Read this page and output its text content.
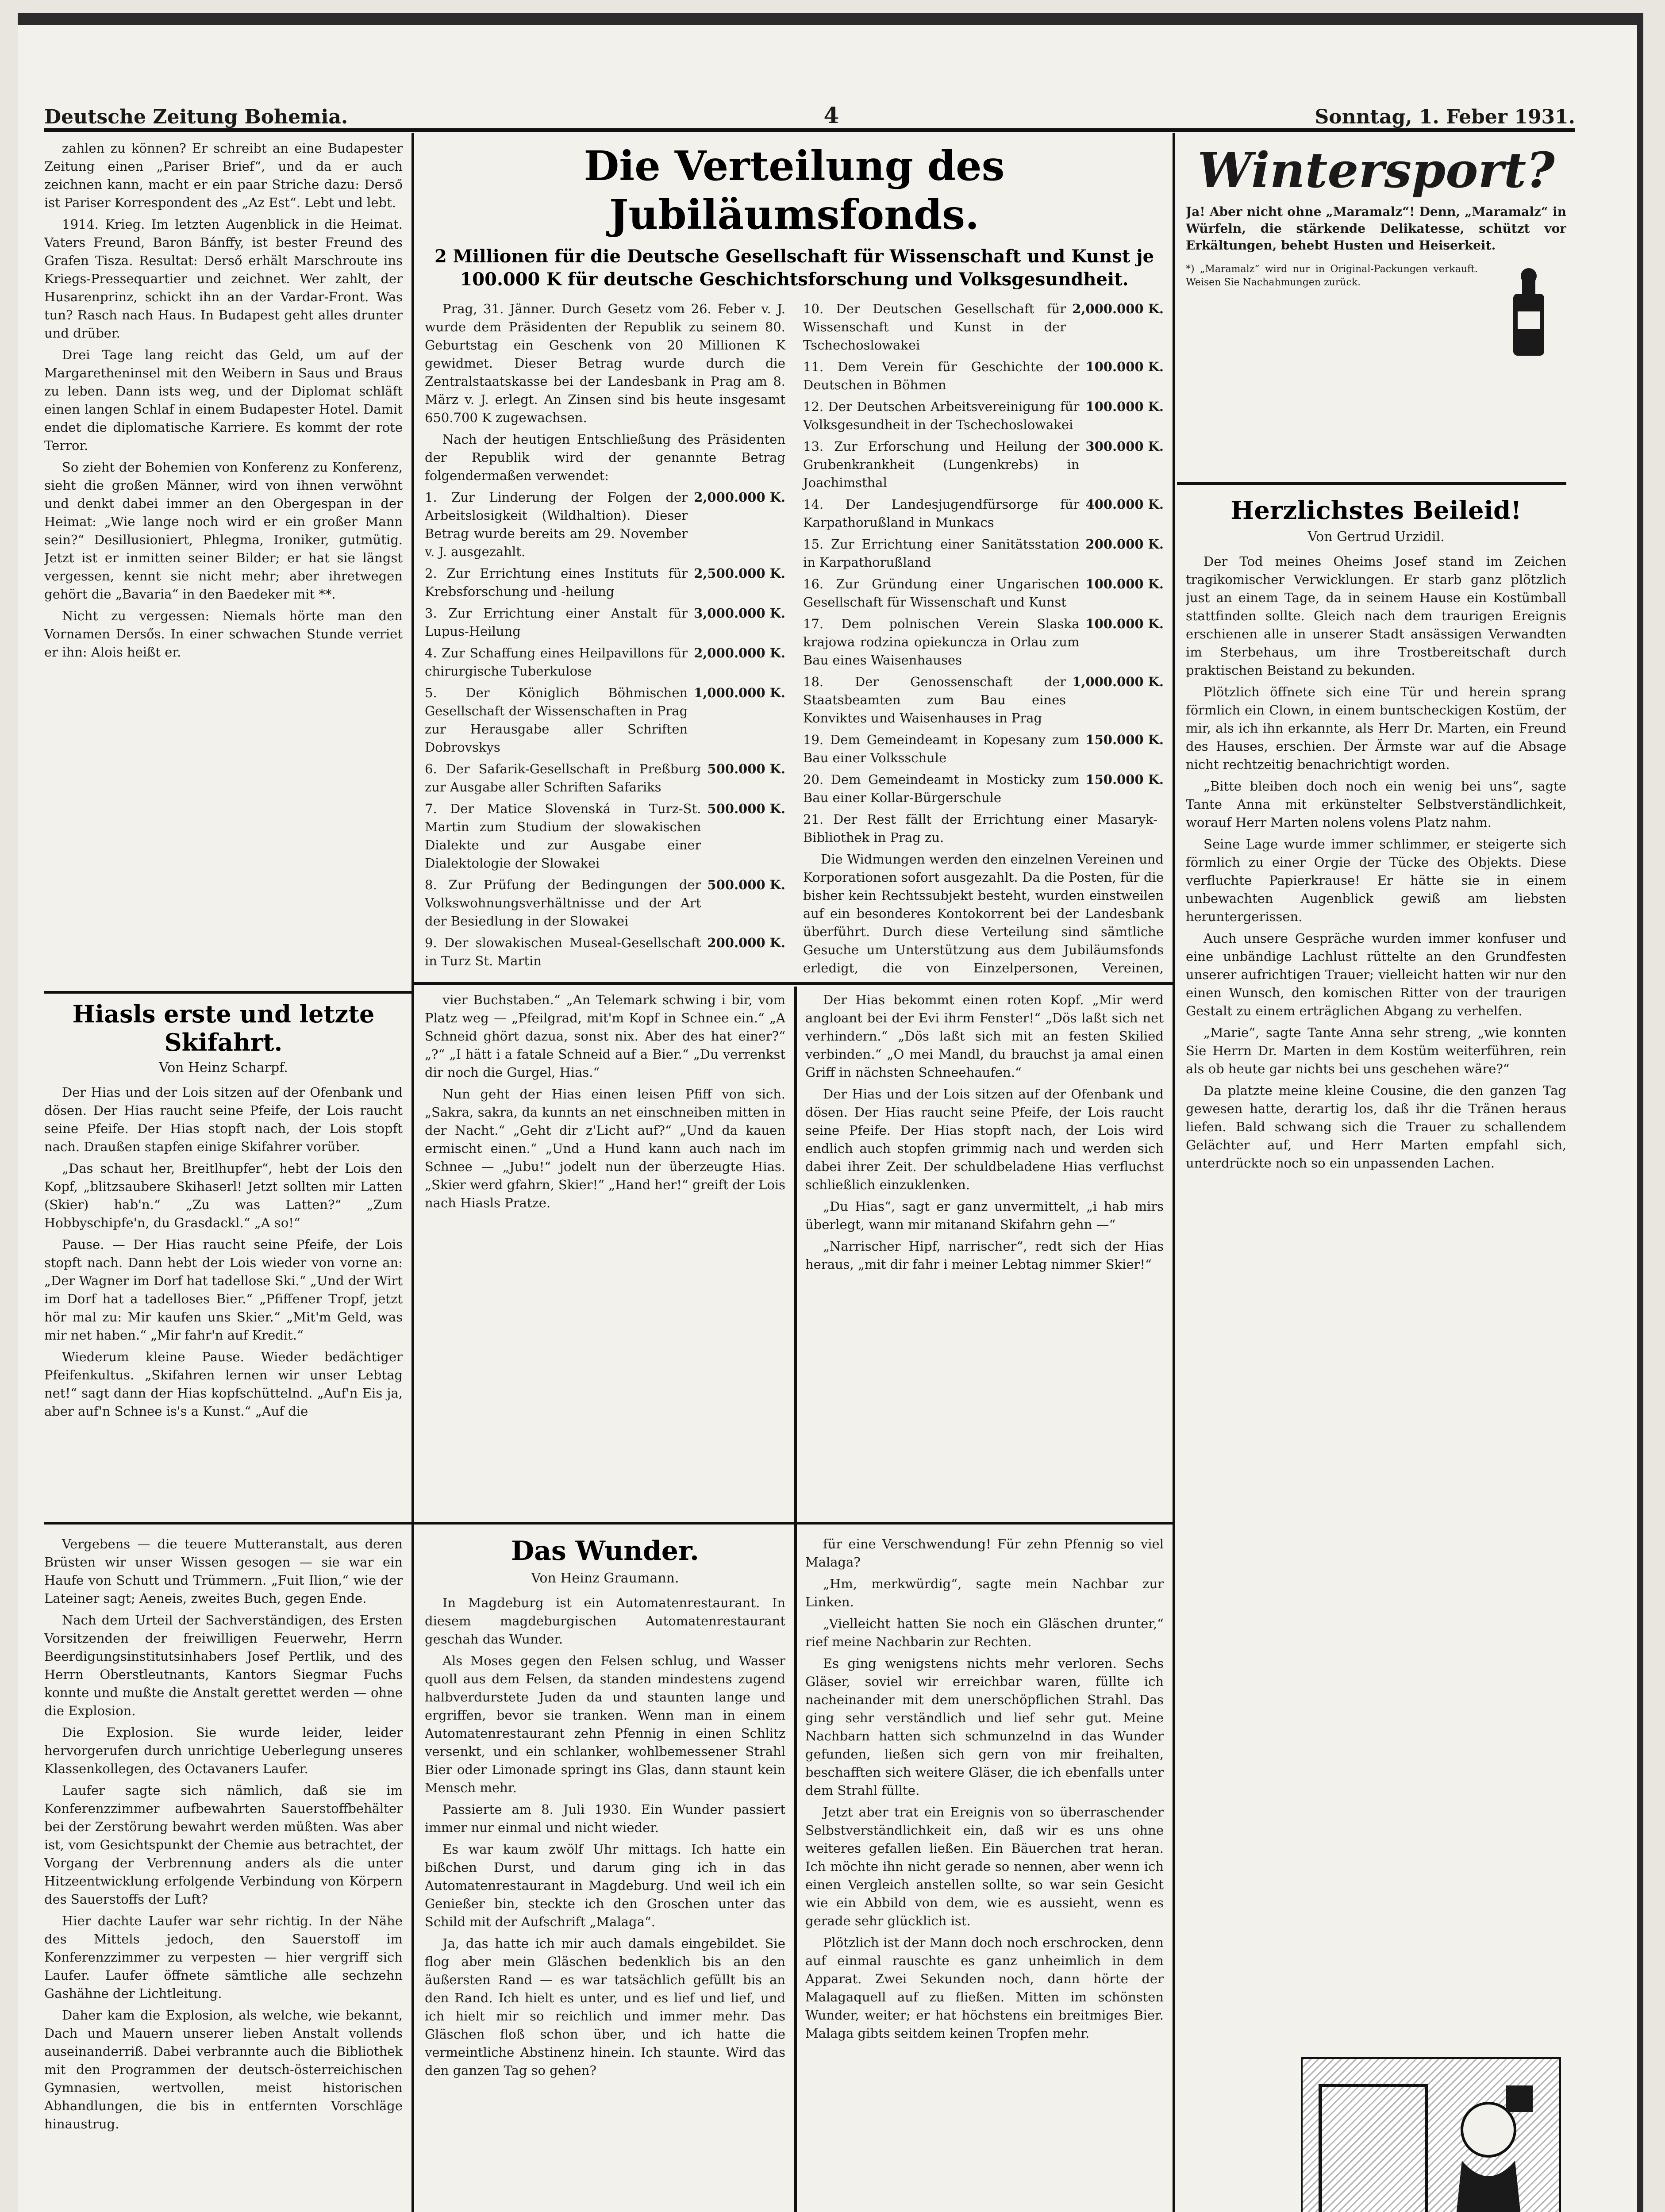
Deutsche Zeitung Bohemia.	4	Sonntag, 1. Feber 1931.

zahlen zu können? Er schreibt an eine Budapester Zeitung einen „Pariser Brief“, und da er auch zeichnen kann, macht er ein paar Striche dazu: Derső ist Pariser Korrespondent des „Az Est“. Lebt und lebt.

1914. Krieg. Im letzten Augenblick in die Heimat. Vaters Freund, Baron Bánffy, ist bester Freund des Grafen Tisza. Resultat: Derső erhält Marschroute ins Kriegs-Pressequartier und zeichnet. Wer zahlt, der Husarenprinz, schickt ihn an der Vardar-Front. Was tun? Rasch nach Haus. In Budapest geht alles drunter und drüber.

Drei Tage lang reicht das Geld, um auf der Margaretheninsel mit den Weibern in Saus und Braus zu leben. Dann ists weg, und der Diplomat schläft einen langen Schlaf in einem Budapester Hotel. Damit endet die diplomatische Karriere. Es kommt der rote Terror.

So zieht der Bohemien von Konferenz zu Konferenz, sieht die großen Männer, wird von ihnen verwöhnt und denkt dabei immer an den Obergespan in der Heimat: „Wie lange noch wird er ein großer Mann sein?“ Desillusioniert, Phlegma, Ironiker, gutmütig. Jetzt ist er inmitten seiner Bilder; er hat sie längst vergessen, kennt sie nicht mehr; aber ihretwegen gehört die „Bavaria“ in den Baedeker mit **.

Nicht zu vergessen: Niemals hörte man den Vornamen Dersős. In einer schwachen Stunde verriet er ihn: Alois heißt er.

Die Verteilung des Jubiläumsfonds.
2 Millionen für die Deutsche Gesellschaft für Wissenschaft und Kunst je 100.000 K für deutsche Geschichtsforschung und Volksgesundheit.

Prag, 31. Jänner. Durch Gesetz vom 26. Feber v. J. wurde dem Präsidenten der Republik zu seinem 80. Geburtstag ein Geschenk von 20 Millionen K gewidmet. Dieser Betrag wurde durch die Zentralstaatskasse bei der Landesbank in Prag am 8. März v. J. erlegt. An Zinsen sind bis heute insgesamt 650.700 K zugewachsen.

Nach der heutigen Entschließung des Präsidenten der Republik wird der genannte Betrag folgendermaßen verwendet:

1. Zur Linderung der Folgen der Arbeitslosigkeit (Wildhaltion). Dieser Betrag wurde bereits am 29. November v. J. ausgezahlt.
2,000.000 K.
2. Zur Errichtung eines Instituts für Krebsforschung und -heilung
2,500.000 K.
3. Zur Errichtung einer Anstalt für Lupus-Heilung
3,000.000 K.
4. Zur Schaffung eines Heilpavillons für chirurgische Tuberkulose
2,000.000 K.
5. Der Königlich Böhmischen Gesellschaft der Wissenschaften in Prag zur Herausgabe aller Schriften Dobrovskys
1,000.000 K.
6. Der Safarik-Gesellschaft in Preßburg zur Ausgabe aller Schriften Safariks
500.000 K.
7. Der Matice Slovenská in Turz-St. Martin zum Studium der slowakischen Dialekte und zur Ausgabe einer Dialektologie der Slowakei
500.000 K.
8. Zur Prüfung der Bedingungen der Volkswohnungsverhältnisse und der Art der Besiedlung in der Slowakei
500.000 K.
9. Der slowakischen Museal-Gesellschaft in Turz St. Martin
200.000 K.
10. Der Deutschen Gesellschaft für Wissenschaft und Kunst in der Tschechoslowakei
2,000.000 K.
11. Dem Verein für Geschichte der Deutschen in Böhmen
100.000 K.
12. Der Deutschen Arbeitsvereinigung für Volksgesundheit in der Tschechoslowakei
100.000 K.
13. Zur Erforschung und Heilung der Grubenkrankheit (Lungenkrebs) in Joachimsthal
300.000 K.
14. Der Landesjugendfürsorge für Karpathorußland in Munkacs
400.000 K.
15. Zur Errichtung einer Sanitätsstation in Karpathorußland
200.000 K.
16. Zur Gründung einer Ungarischen Gesellschaft für Wissenschaft und Kunst
100.000 K.
17. Dem polnischen Verein Slaska krajowa rodzina opiekuncza in Orlau zum Bau eines Waisenhauses
100.000 K.
18. Der Genossenschaft der Staatsbeamten zum Bau eines Konviktes und Waisenhauses in Prag
1,000.000 K.
19. Dem Gemeindeamt in Kopesany zum Bau einer Volksschule
150.000 K.
20. Dem Gemeindeamt in Mosticky zum Bau einer Kollar-Bürgerschule
150.000 K.
21. Der Rest fällt der Errichtung einer Masaryk-Bibliothek in Prag zu.

Die Widmungen werden den einzelnen Vereinen und Korporationen sofort ausgezahlt. Da die Posten, für die bisher kein Rechtssubjekt besteht, wurden einstweilen auf ein besonderes Kontokorrent bei der Landesbank überführt. Durch diese Verteilung sind sämtliche Gesuche um Unterstützung aus dem Jubiläumsfonds erledigt, die von Einzelpersonen, Vereinen,

Hiasls erste und letzte Skifahrt.
Von Heinz Scharpf.

Der Hias und der Lois sitzen auf der Ofenbank und dösen. Der Hias raucht seine Pfeife, der Lois raucht seine Pfeife. Der Hias stopft nach, der Lois stopft nach. Draußen stapfen einige Skifahrer vorüber.

„Das schaut her, Breitlhupfer“, hebt der Lois den Kopf, „blitzsaubere Skihaserl! Jetzt sollten mir Latten (Skier) hab'n.“ „Zu was Latten?“ „Zum Hobbyschipfe'n, du Grasdackl.“ „A so!“

Pause. — Der Hias raucht seine Pfeife, der Lois stopft nach. Dann hebt der Lois wieder von vorne an: „Der Wagner im Dorf hat tadellose Ski.“ „Und der Wirt im Dorf hat a tadelloses Bier.“ „Pfiffener Tropf, jetzt hör mal zu: Mir kaufen uns Skier.“ „Mit'm Geld, was mir net haben.“ „Mir fahr'n auf Kredit.“

Wiederum kleine Pause. Wieder bedächtiger Pfeifenkultus. „Skifahren lernen wir unser Lebtag net!“ sagt dann der Hias kopfschüttelnd. „Auf'n Eis ja, aber auf'n Schnee is's a Kunst.“ „Auf die

vier Buchstaben.“ „An Telemark schwing i bir, vom Platz weg — „Pfeilgrad, mit'm Kopf in Schnee ein.“ „A Schneid ghört dazua, sonst nix. Aber des hat einer?“ „?“ „I hätt i a fatale Schneid auf a Bier.“ „Du verrenkst dir noch die Gurgel, Hias.“

Nun geht der Hias einen leisen Pfiff von sich. „Sakra, sakra, da kunnts an net einschneiben mitten in der Nacht.“ „Geht dir z'Licht auf?“ „Und da kauen ermischt einen.“ „Und a Hund kann auch nach im Schnee — „Jubu!“ jodelt nun der überzeugte Hias. „Skier werd gfahrn, Skier!“ „Hand her!“ greift der Lois nach Hiasls Pratze.

Der Hias bekommt einen roten Kopf. „Mir werd angloant bei der Evi ihrm Fenster!“ „Dös laßt sich net verhindern.“ „Dös laßt sich mit an festen Skilied verbinden.“ „O mei Mandl, du brauchst ja amal einen Griff in nächsten Schneehaufen.“

Der Hias und der Lois sitzen auf der Ofenbank und dösen. Der Hias raucht seine Pfeife, der Lois raucht seine Pfeife. Der Hias stopft nach, der Lois wird endlich auch stopfen grimmig nach und werden sich dabei ihrer Zeit. Der schuldbeladene Hias verfluchst schließlich einzuklenken.

„Du Hias“, sagt er ganz unvermittelt, „i hab mirs überlegt, wann mir mitanand Skifahrn gehn —“

„Narrischer Hipf, narrischer“, redt sich der Hias heraus, „mit dir fahr i meiner Lebtag nimmer Skier!“

Wintersport?
Ja! Aber nicht ohne „Maramalz“! Denn, „Maramalz“ in Würfeln, die stärkende Delikatesse, schützt vor Erkältungen, behebt Husten und Heiserkeit.
*) „Maramalz“ wird nur in Original-Packungen verkauft. Weisen Sie Nachahmungen zurück.
Herzlichstes Beileid!
Von Gertrud Urzidil.

Der Tod meines Oheims Josef stand im Zeichen tragikomischer Verwicklungen. Er starb ganz plötzlich just an einem Tage, da in seinem Hause ein Kostümball stattfinden sollte. Gleich nach dem traurigen Ereignis erschienen alle in unserer Stadt ansässigen Verwandten im Sterbehaus, um ihre Trostbereitschaft durch praktischen Beistand zu bekunden.

Plötzlich öffnete sich eine Tür und herein sprang förmlich ein Clown, in einem buntscheckigen Kostüm, der mir, als ich ihn erkannte, als Herr Dr. Marten, ein Freund des Hauses, erschien. Der Ärmste war auf die Absage nicht rechtzeitig benachrichtigt worden.

„Bitte bleiben doch noch ein wenig bei uns“, sagte Tante Anna mit erkünstelter Selbstverständlichkeit, worauf Herr Marten nolens volens Platz nahm.

Seine Lage wurde immer schlimmer, er steigerte sich förmlich zu einer Orgie der Tücke des Objekts. Diese verfluchte Papierkrause! Er hätte sie in einem unbewachten Augenblick gewiß am liebsten heruntergerissen.

Auch unsere Gespräche wurden immer konfuser und eine unbändige Lachlust rüttelte an den Grundfesten unserer aufrichtigen Trauer; vielleicht hatten wir nur den einen Wunsch, den komischen Ritter von der traurigen Gestalt zu einem erträglichen Abgang zu verhelfen.

„Marie“, sagte Tante Anna sehr streng, „wie konnten Sie Herrn Dr. Marten in dem Kostüm weiterführen, rein als ob heute gar nichts bei uns geschehen wäre?“

Da platzte meine kleine Cousine, die den ganzen Tag gewesen hatte, derartig los, daß ihr die Tränen heraus liefen. Bald schwang sich die Trauer zu schallendem Gelächter auf, und Herr Marten empfahl sich, unterdrückte noch so ein unpassenden Lachen.

Vergebens — die teuere Mutteranstalt, aus deren Brüsten wir unser Wissen gesogen — sie war ein Haufe von Schutt und Trümmern. „Fuit Ilion,“ wie der Lateiner sagt; Aeneis, zweites Buch, gegen Ende.

Nach dem Urteil der Sachverständigen, des Ersten Vorsitzenden der freiwilligen Feuerwehr, Herrn Beerdigungsinstitutsinhabers Josef Pertlik, und des Herrn Oberstleutnants, Kantors Siegmar Fuchs konnte und mußte die Anstalt gerettet werden — ohne die Explosion.

Die Explosion. Sie wurde leider, leider hervorgerufen durch unrichtige Ueberlegung unseres Klassenkollegen, des Octavaners Laufer.

Laufer sagte sich nämlich, daß sie im Konferenzzimmer aufbewahrten Sauerstoffbehälter bei der Zerstörung bewahrt werden müßten. Was aber ist, vom Gesichtspunkt der Chemie aus betrachtet, der Vorgang der Verbrennung anders als die unter Hitzeentwicklung erfolgende Verbindung von Körpern des Sauerstoffs der Luft?

Hier dachte Laufer war sehr richtig. In der Nähe des Mittels jedoch, den Sauerstoff im Konferenzzimmer zu verpesten — hier vergriff sich Laufer. Laufer öffnete sämtliche alle sechzehn Gashähne der Lichtleitung.

Daher kam die Explosion, als welche, wie bekannt, Dach und Mauern unserer lieben Anstalt vollends auseinanderriß. Dabei verbrannte auch die Bibliothek mit den Programmen der deutsch-österreichischen Gymnasien, wertvollen, meist historischen Abhandlungen, die bis in entfernten Vorschläge hinaustrug.

Das Wunder.
Von Heinz Graumann.

In Magdeburg ist ein Automatenrestaurant. In diesem magdeburgischen Automatenrestaurant geschah das Wunder.

Als Moses gegen den Felsen schlug, und Wasser quoll aus dem Felsen, da standen mindestens zugend halbverdurstete Juden da und staunten lange und ergriffen, bevor sie tranken. Wenn man in einem Automatenrestaurant zehn Pfennig in einen Schlitz versenkt, und ein schlanker, wohlbemessener Strahl Bier oder Limonade springt ins Glas, dann staunt kein Mensch mehr.

Passierte am 8. Juli 1930. Ein Wunder passiert immer nur einmal und nicht wieder.

Es war kaum zwölf Uhr mittags. Ich hatte ein bißchen Durst, und darum ging ich in das Automatenrestaurant in Magdeburg. Und weil ich ein Genießer bin, steckte ich den Groschen unter das Schild mit der Aufschrift „Malaga“.

Ja, das hatte ich mir auch damals eingebildet. Sie flog aber mein Gläschen bedenklich bis an den äußersten Rand — es war tatsächlich gefüllt bis an den Rand. Ich hielt es unter, und es lief und lief, und ich hielt mir so reichlich und immer mehr. Das Gläschen floß schon über, und ich hatte die vermeintliche Abstinenz hinein. Ich staunte. Wird das den ganzen Tag so gehen?

für eine Verschwendung! Für zehn Pfennig so viel Malaga?

„Hm, merkwürdig“, sagte mein Nachbar zur Linken.

„Vielleicht hatten Sie noch ein Gläschen drunter,“ rief meine Nachbarin zur Rechten.

Es ging wenigstens nichts mehr verloren. Sechs Gläser, soviel wir erreichbar waren, füllte ich nacheinander mit dem unerschöpflichen Strahl. Das ging sehr verständlich und lief sehr gut. Meine Nachbarn hatten sich schmunzelnd in das Wunder gefunden, ließen sich gern von mir freihalten, beschafften sich weitere Gläser, die ich ebenfalls unter dem Strahl füllte.

Jetzt aber trat ein Ereignis von so überraschender Selbstverständlichkeit ein, daß wir es uns ohne weiteres gefallen ließen. Ein Bäuerchen trat heran. Ich möchte ihn nicht gerade so nennen, aber wenn ich einen Vergleich anstellen sollte, so war sein Gesicht wie ein Abbild von dem, wie es aussieht, wenn es gerade sehr glücklich ist.

Plötzlich ist der Mann doch noch erschrocken, denn auf einmal rauschte es ganz unheimlich in dem Apparat. Zwei Sekunden noch, dann hörte der Malagaquell auf zu fließen. Mitten im schönsten Wunder, weiter; er hat höchstens ein breitmiges Bier. Malaga gibts seitdem keinen Tropfen mehr.
